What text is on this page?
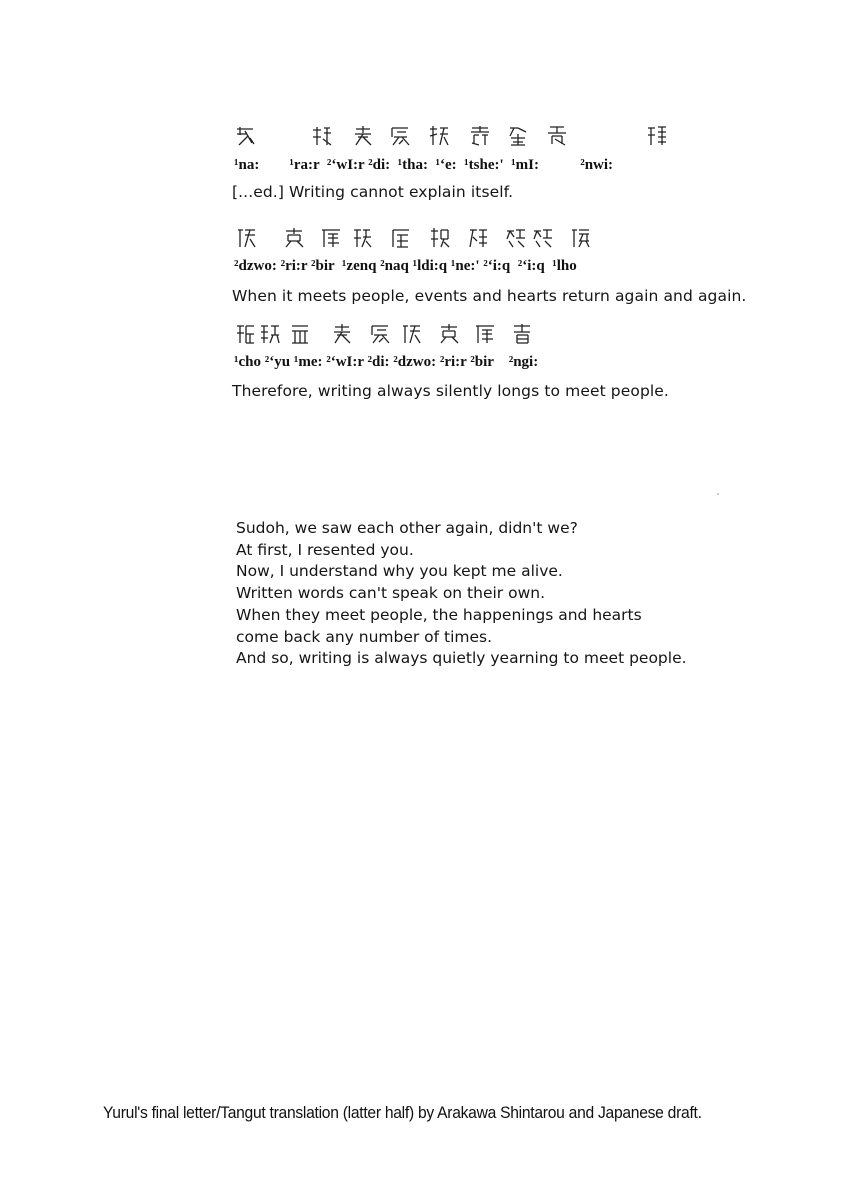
¹na:        ¹ra:r  ²ʻwI:r ²di:  ¹tha:  ¹ʻe:  ¹tshe:'  ¹mI:           ²nwi:
[...ed.] Writing cannot explain itself.
²dzwo: ²ri:r ²bir  ¹zenq ²naq ¹ldi:q ¹ne:' ²ʻi:q  ²ʻi:q  ¹lho
When it meets people, events and hearts return again and again.
¹cho ²ʻyu ¹me: ²ʻwI:r ²di: ²dzwo: ²ri:r ²bir    ²ngi:
Therefore, writing always silently longs to meet people.
Sudoh, we saw each other again, didn't we?
At first, I resented you.
Now, I understand why you kept me alive.
Written words can't speak on their own.
When they meet people, the happenings and hearts
come back any number of times.
And so, writing is always quietly yearning to meet people.
Yurul's final letter/Tangut translation (latter half) by Arakawa Shintarou and Japanese draft.
